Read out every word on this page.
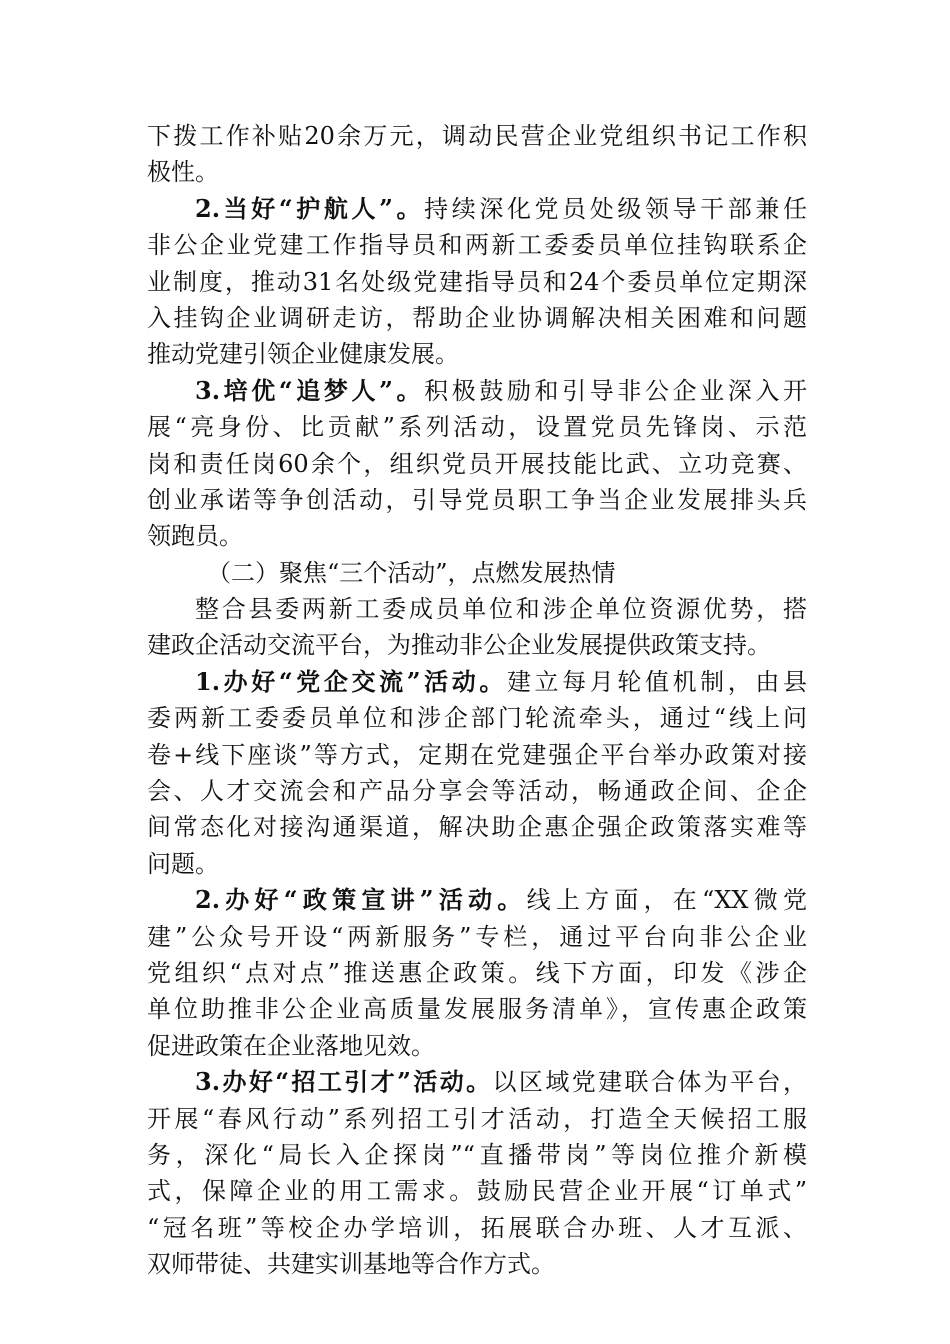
下拨工作补贴20余万元，调动民营企业党组织书记工作积
极性。
2.当好“护航人”。持续深化党员处级领导干部兼任
非公企业党建工作指导员和两新工委委员单位挂钩联系企
业制度，推动31名处级党建指导员和24个委员单位定期深
入挂钩企业调研走访，帮助企业协调解决相关困难和问题
推动党建引领企业健康发展。
3.培优“追梦人”。积极鼓励和引导非公企业深入开
展“亮身份、比贡献”系列活动，设置党员先锋岗、示范
岗和责任岗60余个，组织党员开展技能比武、立功竞赛、
创业承诺等争创活动，引导党员职工争当企业发展排头兵
领跑员。
（二）聚焦“三个活动”，点燃发展热情
整合县委两新工委成员单位和涉企单位资源优势，搭
建政企活动交流平台，为推动非公企业发展提供政策支持。
1.办好“党企交流”活动。建立每月轮值机制，由县
委两新工委委员单位和涉企部门轮流牵头，通过“线上问
卷+线下座谈”等方式，定期在党建强企平台举办政策对接
会、人才交流会和产品分享会等活动，畅通政企间、企企
间常态化对接沟通渠道，解决助企惠企强企政策落实难等
问题。
2.办好“政策宣讲”活动。线上方面，在“XX微党
建”公众号开设“两新服务”专栏，通过平台向非公企业
党组织“点对点”推送惠企政策。线下方面，印发《涉企
单位助推非公企业高质量发展服务清单》，宣传惠企政策
促进政策在企业落地见效。
3.办好“招工引才”活动。以区域党建联合体为平台，
开展“春风行动”系列招工引才活动，打造全天候招工服
务，深化“局长入企探岗”“直播带岗”等岗位推介新模
式，保障企业的用工需求。鼓励民营企业开展“订单式”
“冠名班”等校企办学培训，拓展联合办班、人才互派、
双师带徒、共建实训基地等合作方式。
